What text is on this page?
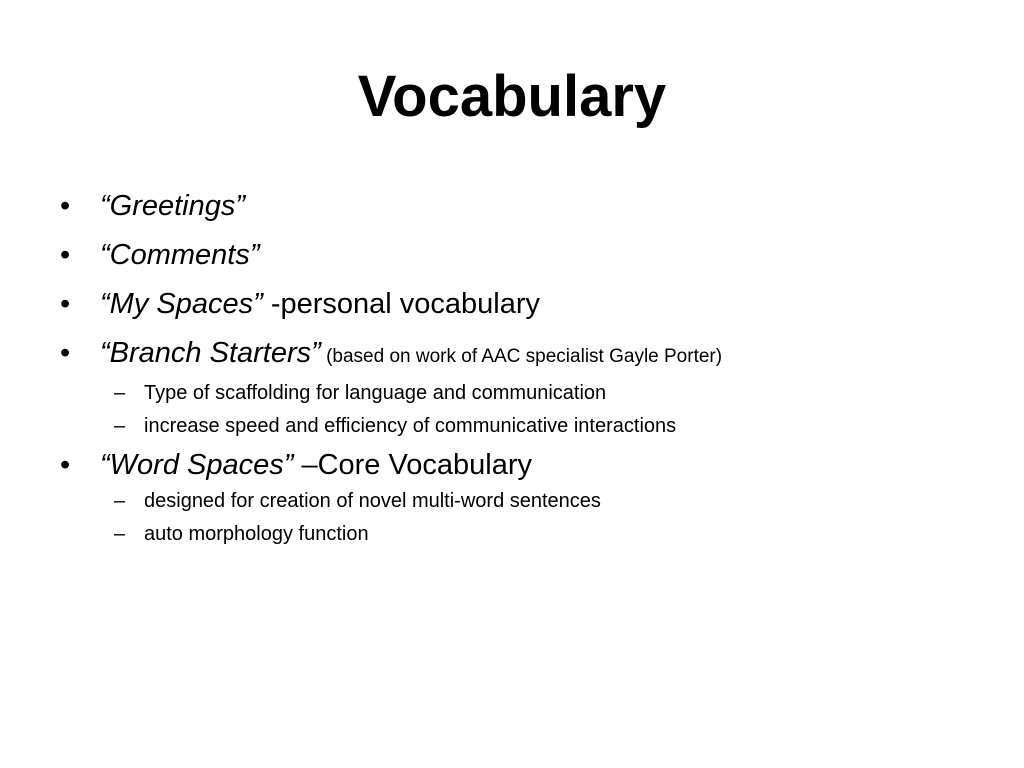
Vocabulary
• “Greetings”
• “Comments”
• “My Spaces” -personal vocabulary
• “Branch Starters” (based on work of AAC specialist Gayle Porter)
– Type of scaffolding for language and communication
– increase speed and efficiency of communicative interactions
• “Word Spaces” –Core Vocabulary
– designed for creation of novel multi-word sentences
– auto morphology function
